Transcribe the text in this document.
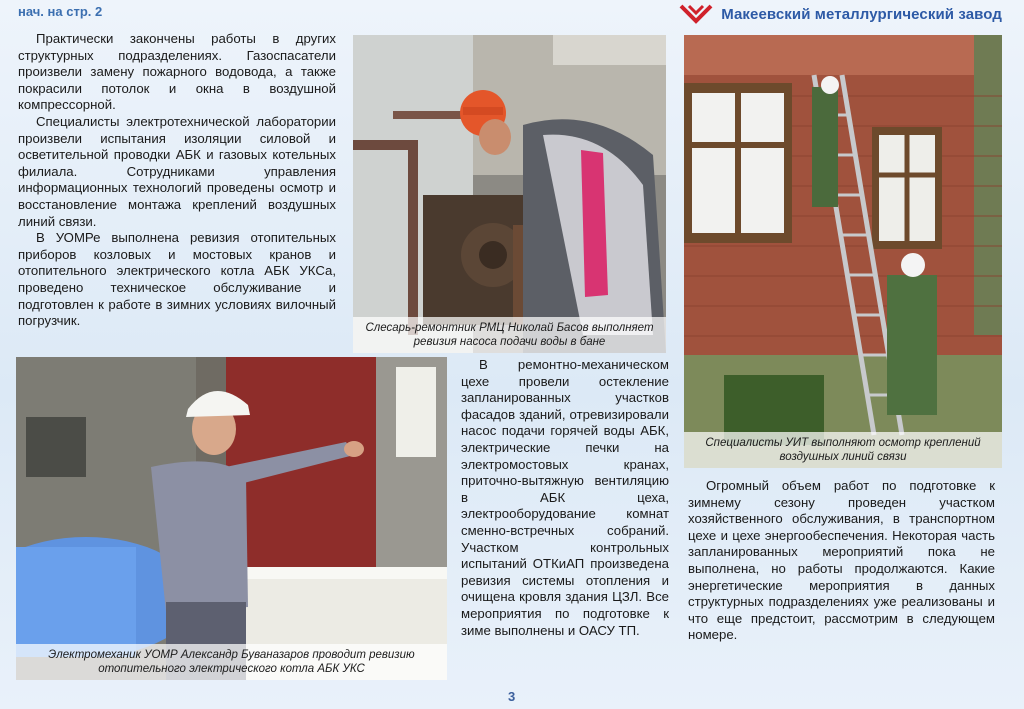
нач. на стр. 2	Макеевский металлургический завод

Практически закончены работы в других структурных подразделениях. Газоспасатели произвели замену пожарного водовода, а также покрасили потолок и окна в воздушной компрессорной.

Специалисты электротехнической лаборатории произвели испытания изоляции силовой и осветительной проводки АБК и газовых котельных филиала. Сотрудниками управления информационных технологий проведены осмотр и восстановление монтажа креплений воздушных линий связи.

В УОМРе выполнена ревизия отопительных приборов козловых и мостовых кранов и отопительного электрического котла АБК УКСа, проведено техническое обслуживание и подготовлен к работе в зимних условиях вилочный погрузчик.	Слесарь-ремонтник РМЦ Николай Басов выполняет ревизия насоса подачи воды в бане
Специалисты УИТ выполняют осмотр креплений воздушных линий связи
Электромеханик УОМР Александр Буваназаров проводит ревизию отопительного электрического котла АБК УКС

В ремонтно-механическом цехе провели остекление запланированных участков фасадов зданий, отревизировали насос подачи горячей воды АБК, электрические печки на электромостовых кранах, приточно-вытяжную вентиляцию в АБК цеха, электрооборудование комнат сменно-встречных собраний. Участком контрольных испытаний ОТКиАП произведена ревизия системы отопления и очищена кровля здания ЦЗЛ. Все мероприятия по подготовке к зиме выполнены и ОАСУ ТП.

Огромный объем работ по подготовке к зимнему сезону проведен участком хозяйственного обслуживания, в транспортном цехе и цехе энергообеспечения. Некоторая часть запланированных мероприятий пока не выполнена, но работы продолжаются. Какие энергетические мероприятия в данных структурных подразделениях уже реализованы и что еще предстоит, рассмотрим в следующем номере.

3
